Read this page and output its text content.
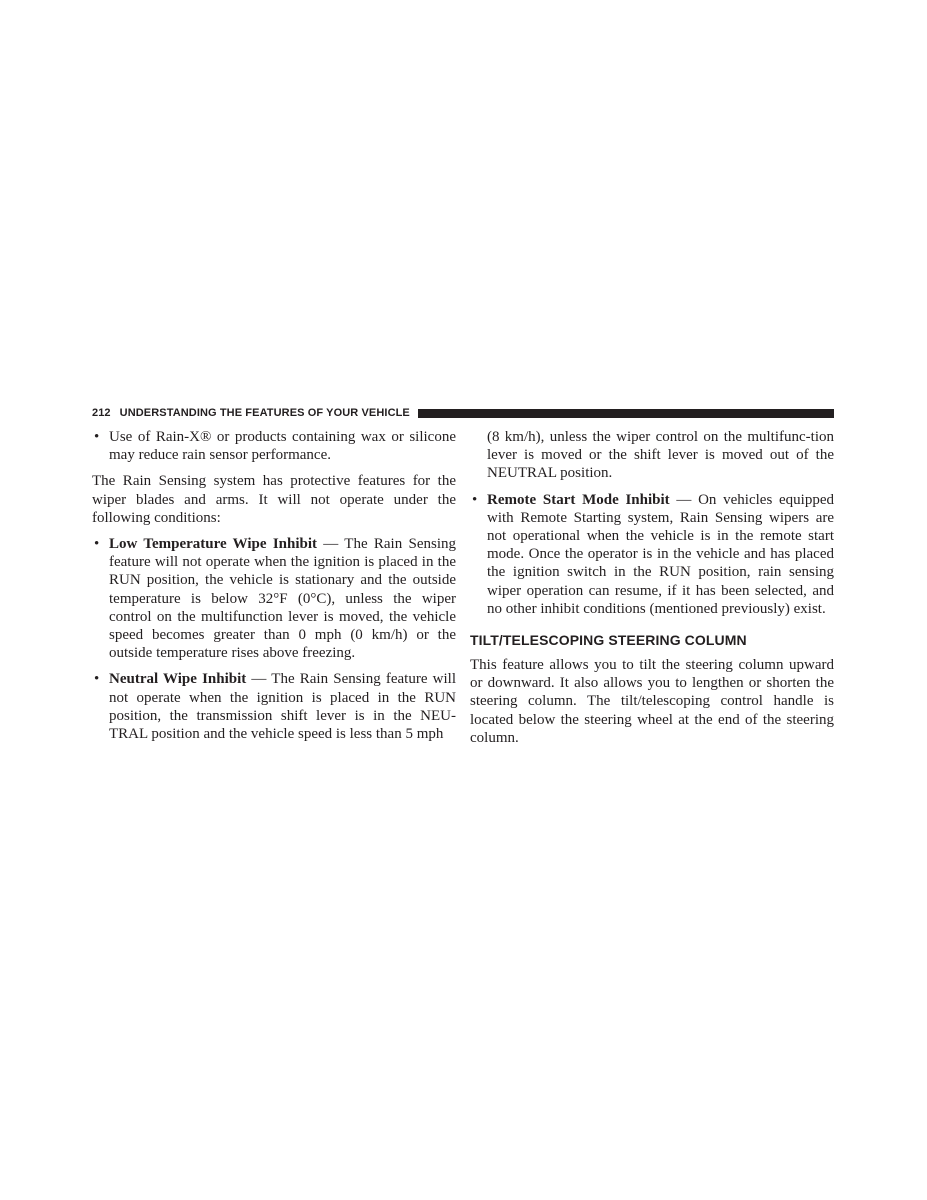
212 UNDERSTANDING THE FEATURES OF YOUR VEHICLE

• Use of Rain-X® or products containing wax or silicone may reduce rain sensor performance.

The Rain Sensing system has protective features for the wiper blades and arms. It will not operate under the following conditions:

• Low Temperature Wipe Inhibit — The Rain Sensing feature will not operate when the ignition is placed in the RUN position, the vehicle is stationary and the outside temperature is below 32°F (0°C), unless the wiper control on the multifunction lever is moved, the vehicle speed becomes greater than 0 mph (0 km/h) or the outside temperature rises above freezing.

• Neutral Wipe Inhibit — The Rain Sensing feature will not operate when the ignition is placed in the RUN position, the transmission shift lever is in the NEU-TRAL position and the vehicle speed is less than 5 mph

(8 km/h), unless the wiper control on the multifunc-tion lever is moved or the shift lever is moved out of the NEUTRAL position.

• Remote Start Mode Inhibit — On vehicles equipped with Remote Starting system, Rain Sensing wipers are not operational when the vehicle is in the remote start mode. Once the operator is in the vehicle and has placed the ignition switch in the RUN position, rain sensing wiper operation can resume, if it has been selected, and no other inhibit conditions (mentioned previously) exist.

TILT/TELESCOPING STEERING COLUMN

This feature allows you to tilt the steering column upward or downward. It also allows you to lengthen or shorten the steering column. The tilt/telescoping control handle is located below the steering wheel at the end of the steering column.
